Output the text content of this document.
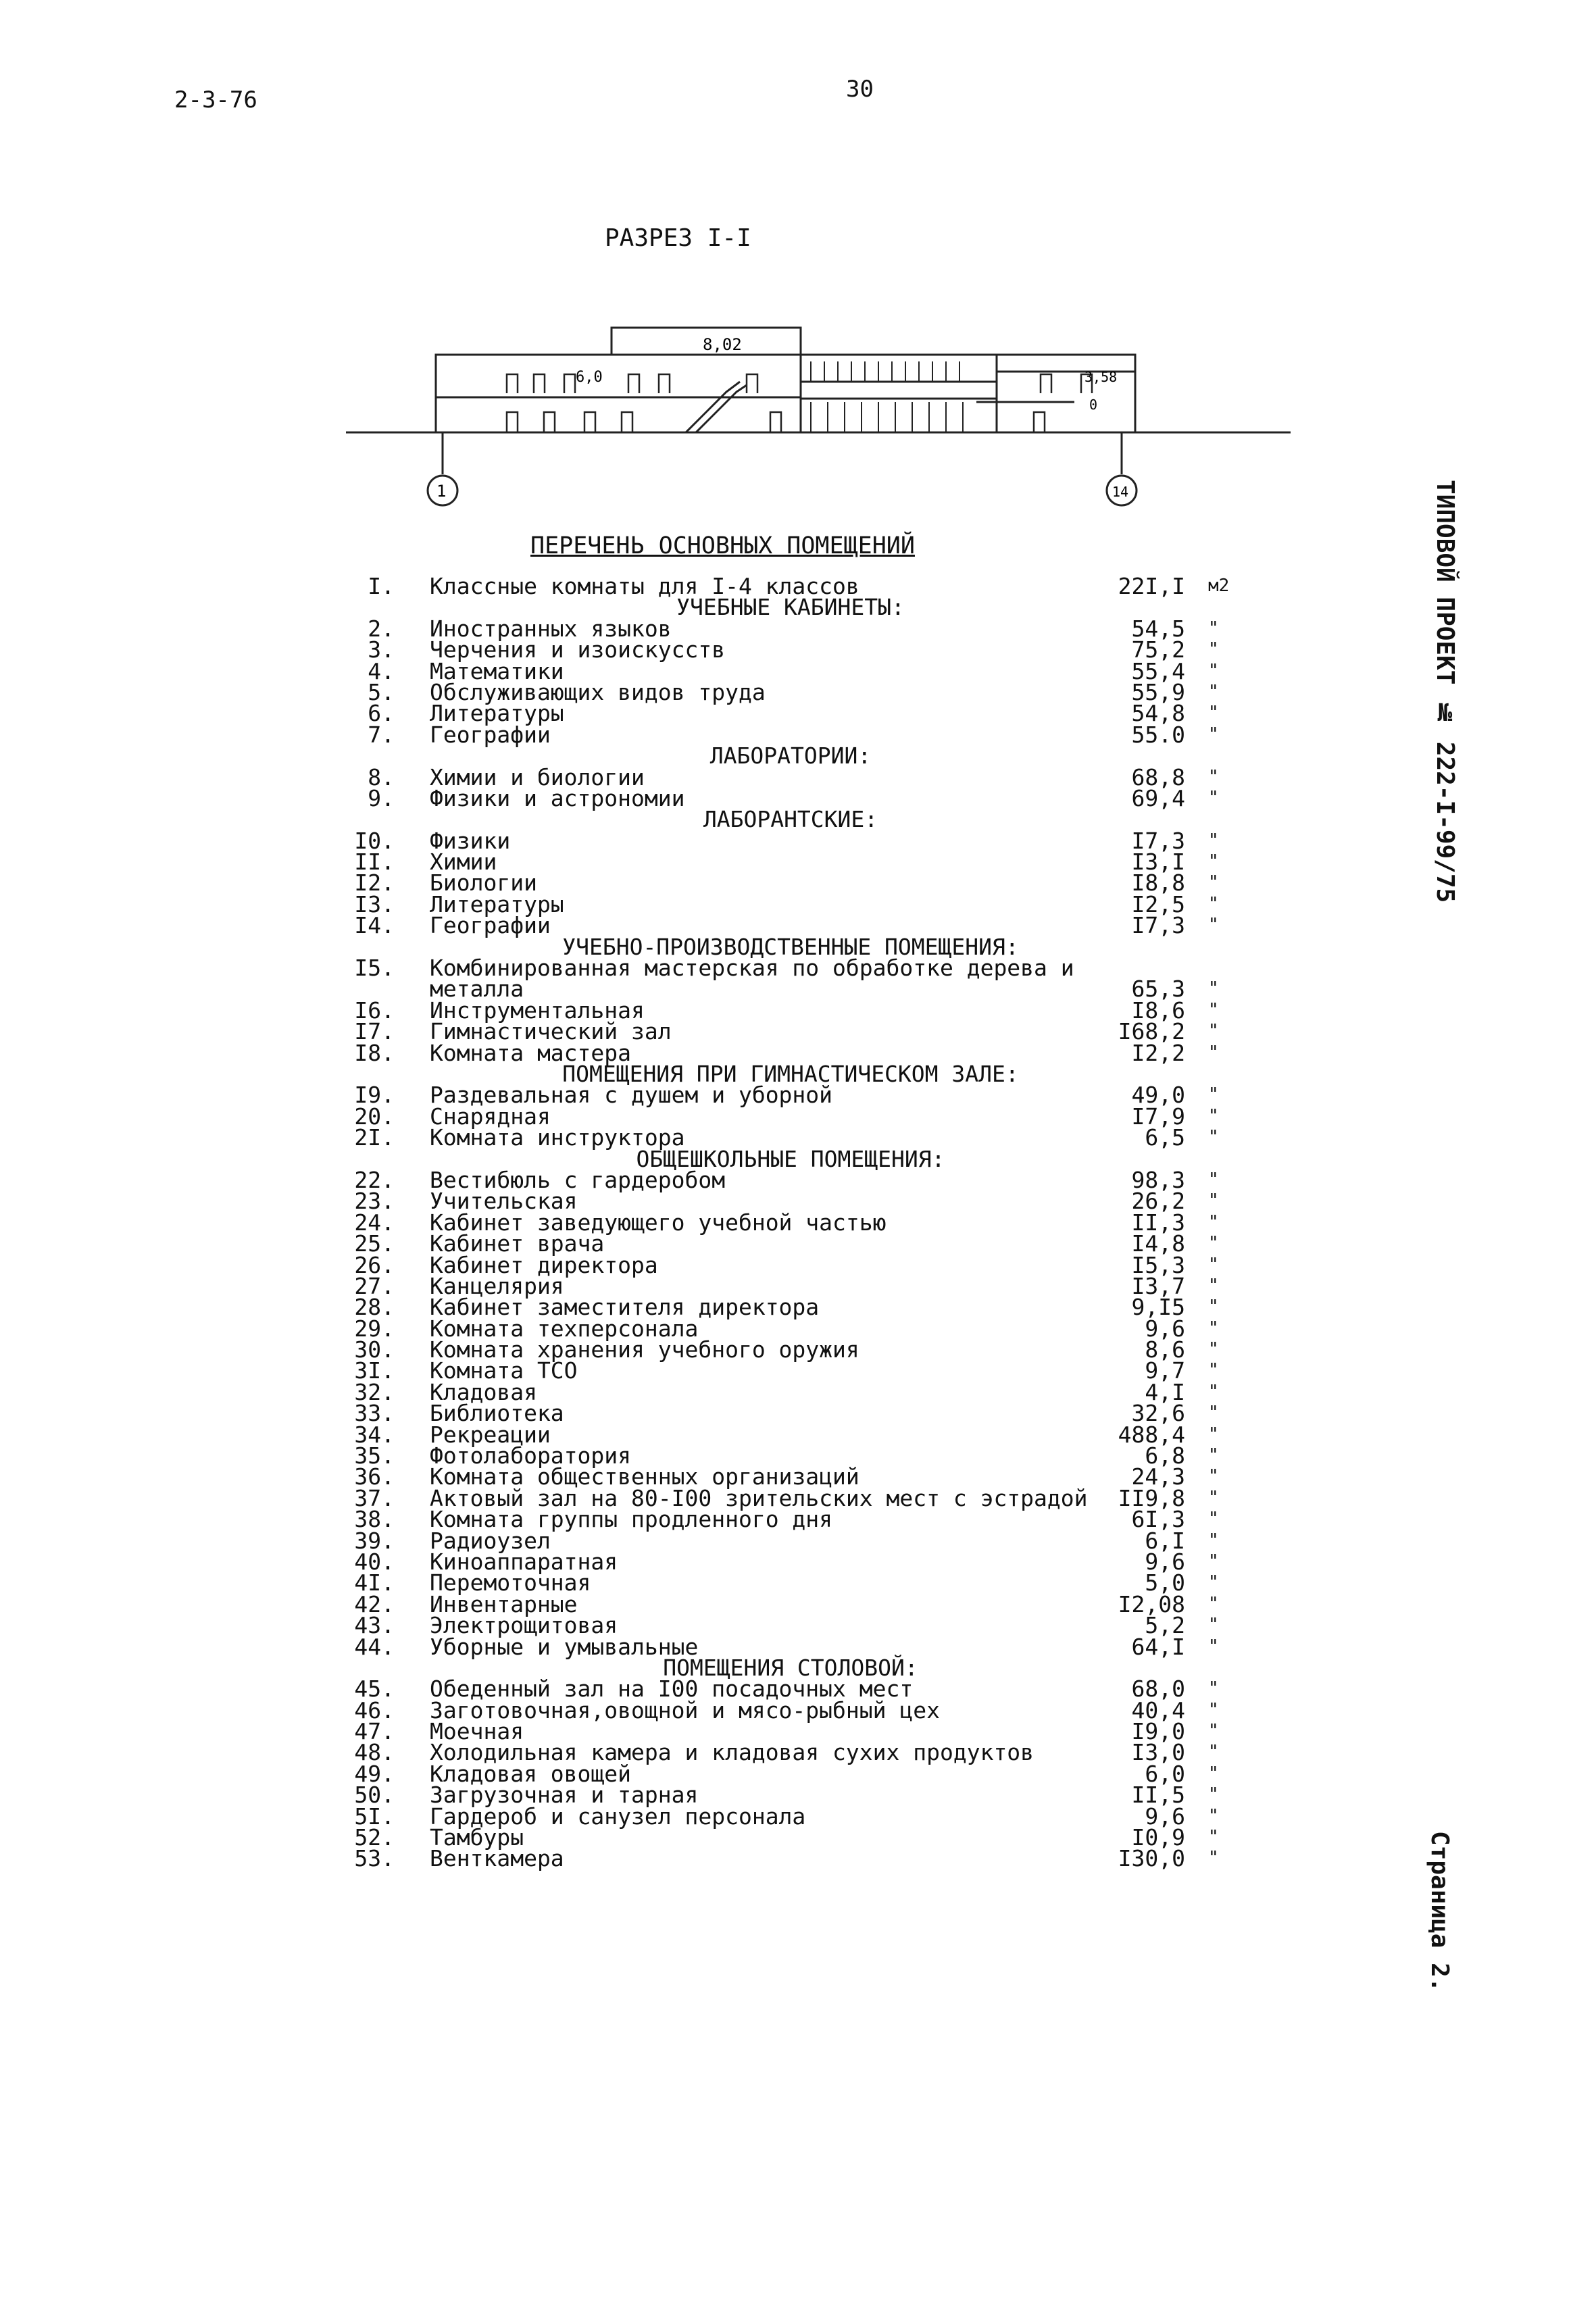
2-3-76	30
РАЗРЕЗ I-I
ТИПОВОЙ ПРОЕКТ № 222-I-99/75
Страница 2.
8,02
6,0	3,58
0
1	14
ПЕРЕЧЕНЬ ОСНОВНЫХ ПОМЕЩЕНИЙ
I. Классные комнаты для I-4 классов	22I,I м2
УЧЕБНЫЕ КАБИНЕТЫ:
2. Иностранных языков	54,5 "
3. Черчения и изоискусств	75,2 "
4. Математики	55,4 "
5. Обслуживающих видов труда	55,9 "
6. Литературы	54,8 "
7. Географии	55.0 "
ЛАБОРАТОРИИ:
8. Химии и биологии	68,8 "
9. Физики и астрономии	69,4 "
ЛАБОРАНТСКИЕ:
I0. Физики	I7,3 "
II. Химии	I3,I "
I2. Биологии	I8,8 "
I3. Литературы	I2,5 "
I4. Географии	I7,3 "
УЧЕБНО-ПРОИЗВОДСТВЕННЫЕ ПОМЕЩЕНИЯ:
I5. Комбинированная мастерская по обработке дерева и
металла	65,3 "
I6. Инструментальная	I8,6 "
I7. Гимнастический зал	I68,2 "
I8. Комната мастера	I2,2 "
ПОМЕЩЕНИЯ ПРИ ГИМНАСТИЧЕСКОМ ЗАЛЕ:
I9. Раздевальная с душем и уборной	49,0 "
20. Снарядная	I7,9 "
2I. Комната инструктора	6,5 "
ОБЩЕШКОЛЬНЫЕ ПОМЕЩЕНИЯ:
22. Вестибюль с гардеробом	98,3 "
23. Учительская	26,2 "
24. Кабинет заведующего учебной частью	II,3 "
25. Кабинет врача	I4,8 "
26. Кабинет директора	I5,3 "
27. Канцелярия	I3,7 "
28. Кабинет заместителя директора	9,I5 "
29. Комната техперсонала	9,6 "
30. Комната хранения учебного оружия	8,6 "
3I. Комната ТСО	9,7 "
32. Кладовая	4,I "
33. Библиотека	32,6 "
34. Рекреации	488,4 "
35. Фотолаборатория	6,8 "
36. Комната общественных организаций	24,3 "
37. Актовый зал на 80-I00 зрительских мест с эстрадой II9,8 "
38. Комната группы продленного дня	6I,3 "
39. Радиоузел	6,I "
40. Киноаппаратная	9,6 "
4I. Перемоточная	5,0 "
42. Инвентарные	I2,08 "
43. Электрощитовая	5,2 "
44. Уборные и умывальные	64,I "
ПОМЕЩЕНИЯ СТОЛОВОЙ:
45. Обеденный зал на I00 посадочных мест	68,0 "
46. Заготовочная,овощной и мясо-рыбный цех	40,4 "
47. Моечная	I9,0 "
48. Холодильная камера и кладовая сухих продуктов	I3,0 "
49. Кладовая овощей	6,0 "
50. Загрузочная и тарная	II,5 "
5I. Гардероб и санузел персонала	9,6 "
52. Тамбуры	I0,9 "
53. Венткамера	I30,0 "
